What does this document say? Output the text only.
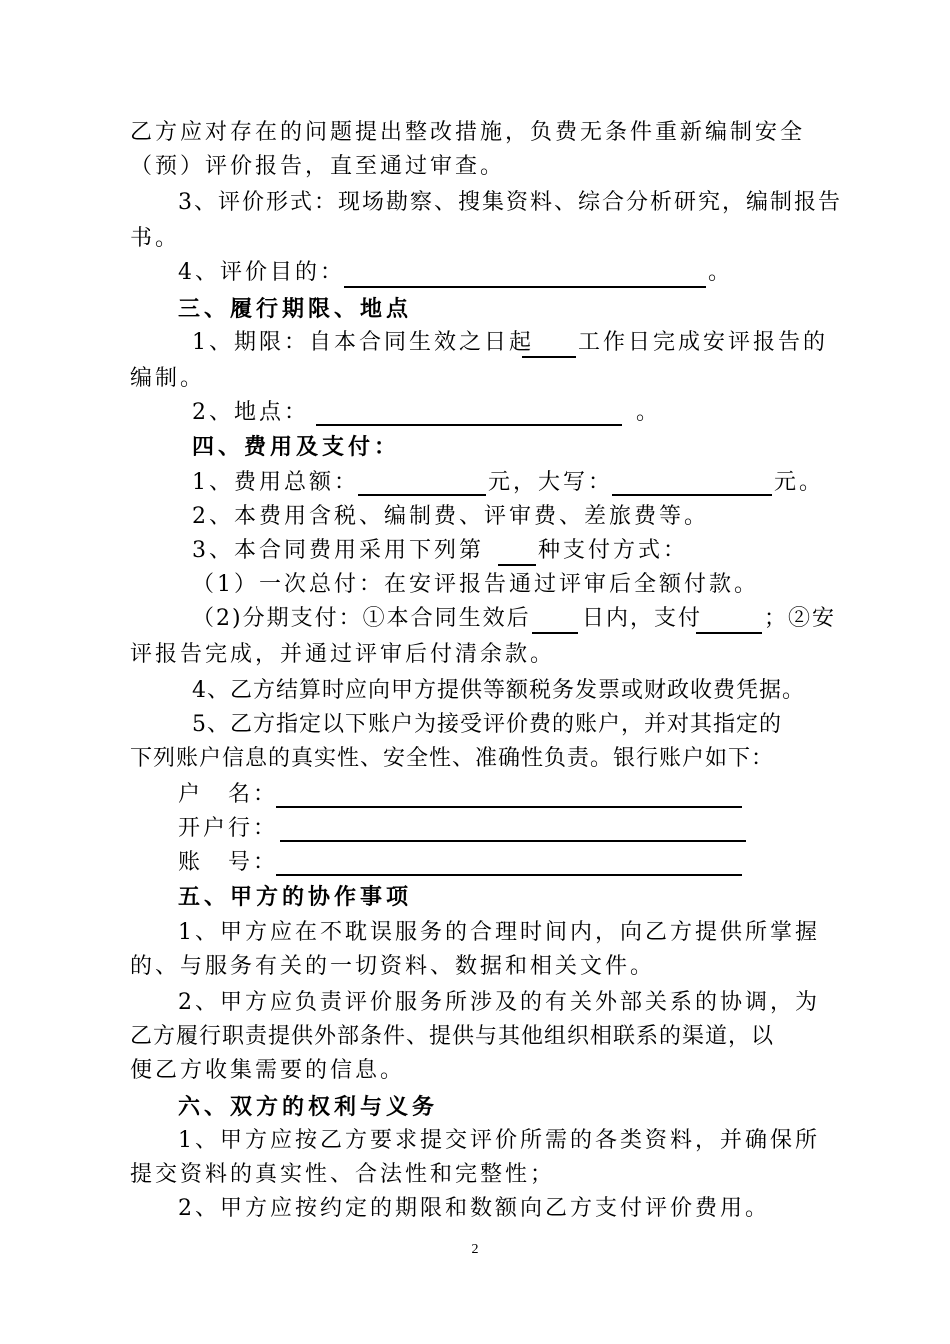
乙方应对存在的问题提出整改措施，负费无条件重新编制安全
（预）评价报告，直至通过审查。
3、评价形式：现场勘察、搜集资料、综合分析研究，编制报告
书。
4、评价目的：	。
三、履行期限、地点
1、期限：自本合同生效之日起 工作日完成安评报告的
编制。
2、地点：	。
四、费用及支付：
1、费用总额：	元，大写：	元。
2、本费用含税、编制费、评审费、差旅费等。
3、本合同费用采用下列第 种支付方式：
（1）一次总付：在安评报告通过评审后全额付款。
（2)分期支付：①本合同生效后 日内，支付	；②安
评报告完成，并通过评审后付清余款。
4、乙方结算时应向甲方提供等额税务发票或财政收费凭据。
5、乙方指定以下账户为接受评价费的账户，并对其指定的
下列账户信息的真实性、安全性、准确性负责。银行账户如下：
户　名：
开户行：
账　号：
五、甲方的协作事项
1、甲方应在不耽误服务的合理时间内，向乙方提供所掌握
的、与服务有关的一切资料、数据和相关文件。
2、甲方应负责评价服务所涉及的有关外部关系的协调，为
乙方履行职责提供外部条件、提供与其他组织相联系的渠道，以
便乙方收集需要的信息。
六、双方的权利与义务
1、甲方应按乙方要求提交评价所需的各类资料，并确保所
提交资料的真实性、合法性和完整性；
2、甲方应按约定的期限和数额向乙方支付评价费用。
2
